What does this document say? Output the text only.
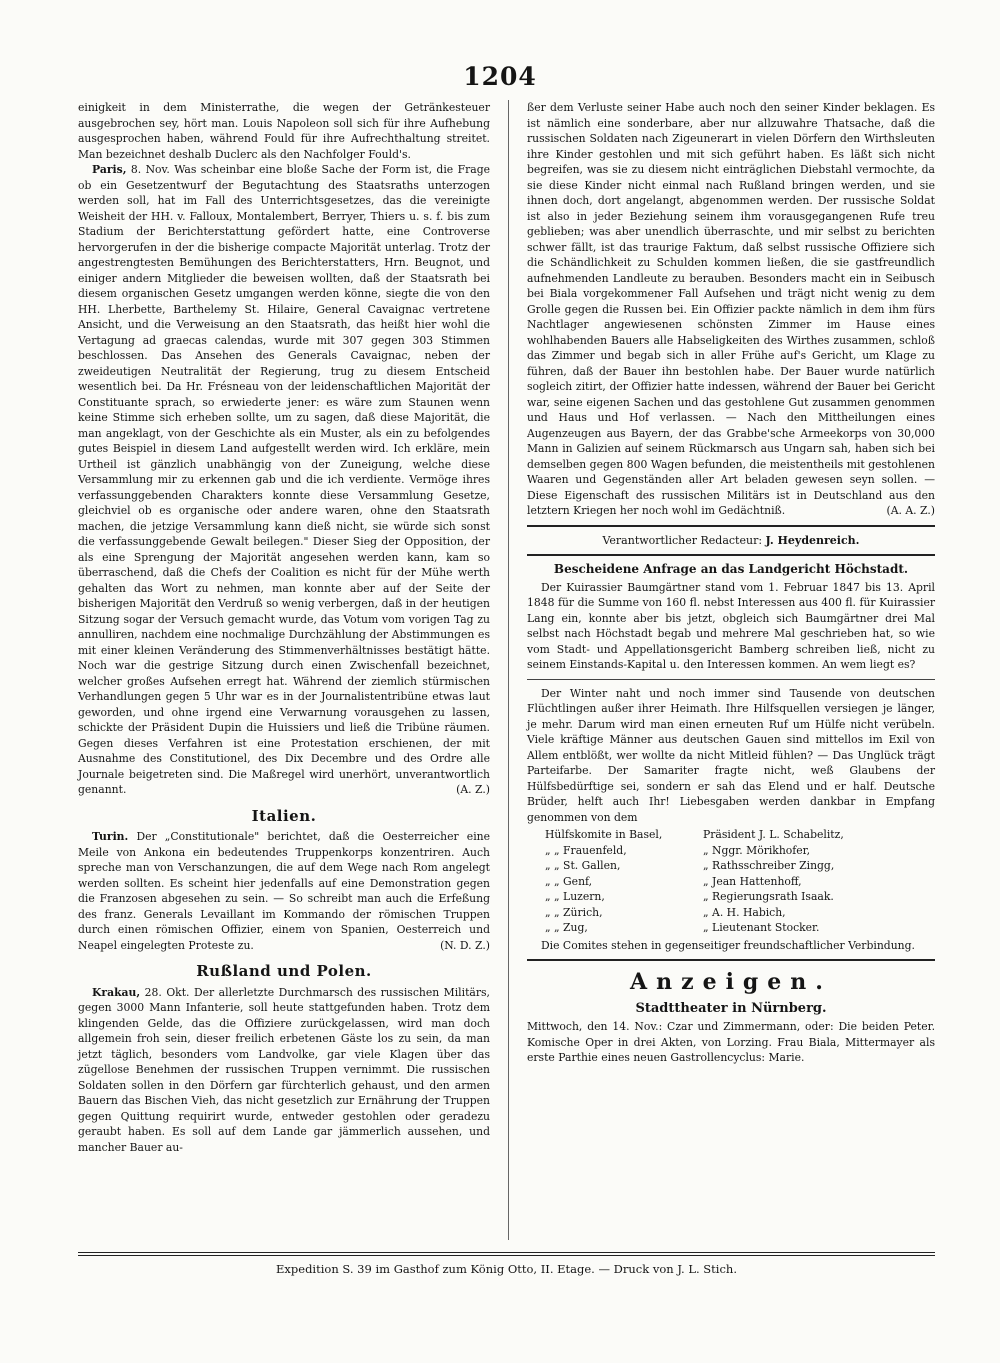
1204

einigkeit in dem Ministerrathe, die wegen der Getränkesteuer ausgebrochen sey, hört man. Louis Napoleon soll sich für ihre Aufhebung ausgesprochen haben, während Fould für ihre Aufrechthaltung streitet. Man bezeichnet deshalb Duclerc als den Nachfolger Fould's.

Paris, 8. Nov. Was scheinbar eine bloße Sache der Form ist, die Frage ob ein Gesetzentwurf der Begutachtung des Staatsraths unterzogen werden soll, hat im Fall des Unterrichtsgesetzes, das die vereinigte Weisheit der HH. v. Falloux, Montalembert, Berryer, Thiers u. s. f. bis zum Stadium der Berichterstattung gefördert hatte, eine Controverse hervorgerufen in der die bisherige compacte Majorität unterlag. Trotz der angestrengtesten Bemühungen des Berichterstatters, Hrn. Beugnot, und einiger andern Mitglieder die beweisen wollten, daß der Staatsrath bei diesem organischen Gesetz umgangen werden könne, siegte die von den HH. Lherbette, Barthelemy St. Hilaire, General Cavaignac vertretene Ansicht, und die Verweisung an den Staatsrath, das heißt hier wohl die Vertagung ad graecas calendas, wurde mit 307 gegen 303 Stimmen beschlossen. Das Ansehen des Generals Cavaignac, neben der zweideutigen Neutralität der Regierung, trug zu diesem Entscheid wesentlich bei. Da Hr. Frésneau von der leidenschaftlichen Majorität der Constituante sprach, so erwiederte jener: es wäre zum Staunen wenn keine Stimme sich erheben sollte, um zu sagen, daß diese Majorität, die man angeklagt, von der Geschichte als ein Muster, als ein zu befolgendes gutes Beispiel in diesem Land aufgestellt werden wird. Ich erkläre, mein Urtheil ist gänzlich unabhängig von der Zuneigung, welche diese Versammlung mir zu erkennen gab und die ich verdiente. Vermöge ihres verfassunggebenden Charakters konnte diese Versammlung Gesetze, gleichviel ob es organische oder andere waren, ohne den Staatsrath machen, die jetzige Versammlung kann dieß nicht, sie würde sich sonst die verfassunggebende Gewalt beilegen." Dieser Sieg der Opposition, der als eine Sprengung der Majorität angesehen werden kann, kam so überraschend, daß die Chefs der Coalition es nicht für der Mühe werth gehalten das Wort zu nehmen, man konnte aber auf der Seite der bisherigen Majorität den Verdruß so wenig verbergen, daß in der heutigen Sitzung sogar der Versuch gemacht wurde, das Votum vom vorigen Tag zu annulliren, nachdem eine nochmalige Durchzählung der Abstimmungen es mit einer kleinen Veränderung des Stimmenverhältnisses bestätigt hätte. Noch war die gestrige Sitzung durch einen Zwischenfall bezeichnet, welcher großes Aufsehen erregt hat. Während der ziemlich stürmischen Verhandlungen gegen 5 Uhr war es in der Journalistentribüne etwas laut geworden, und ohne irgend eine Verwarnung vorausgehen zu lassen, schickte der Präsident Dupin die Huissiers und ließ die Tribüne räumen. Gegen dieses Verfahren ist eine Protestation erschienen, der mit Ausnahme des Constitutionel, des Dix Decembre und des Ordre alle Journale beigetreten sind. Die Maßregel wird unerhört, unverantwortlich genannt.	(A. Z.)

Italien.

Turin. Der „Constitutionale" berichtet, daß die Oesterreicher eine Meile von Ankona ein bedeutendes Truppenkorps konzentriren. Auch spreche man von Verschanzungen, die auf dem Wege nach Rom angelegt werden sollten. Es scheint hier jedenfalls auf eine Demonstration gegen die Franzosen abgesehen zu sein. — So schreibt man auch die Erfeßung des franz. Generals Levaillant im Kommando der römischen Truppen durch einen römischen Offizier, einem von Spanien, Oesterreich und Neapel eingelegten Proteste zu.	(N. D. Z.)

Rußland und Polen.

Krakau, 28. Okt. Der allerletzte Durchmarsch des russischen Militärs, gegen 3000 Mann Infanterie, soll heute stattgefunden haben. Trotz dem klingenden Gelde, das die Offiziere zurückgelassen, wird man doch allgemein froh sein, dieser freilich erbetenen Gäste los zu sein, da man jetzt täglich, besonders vom Landvolke, gar viele Klagen über das zügellose Benehmen der russischen Truppen vernimmt. Die russischen Soldaten sollen in den Dörfern gar fürchterlich gehaust, und den armen Bauern das Bischen Vieh, das nicht gesetzlich zur Ernährung der Truppen gegen Quittung requirirt wurde, entweder gestohlen oder geradezu geraubt haben. Es soll auf dem Lande gar jämmerlich aussehen, und mancher Bauer au-

ßer dem Verluste seiner Habe auch noch den seiner Kinder beklagen. Es ist nämlich eine sonderbare, aber nur allzuwahre Thatsache, daß die russischen Soldaten nach Zigeunerart in vielen Dörfern den Wirthsleuten ihre Kinder gestohlen und mit sich geführt haben. Es läßt sich nicht begreifen, was sie zu diesem nicht einträglichen Diebstahl vermochte, da sie diese Kinder nicht einmal nach Rußland bringen werden, und sie ihnen doch, dort angelangt, abgenommen werden. Der russische Soldat ist also in jeder Beziehung seinem ihm vorausgegangenen Rufe treu geblieben; was aber unendlich überraschte, und mir selbst zu berichten schwer fällt, ist das traurige Faktum, daß selbst russische Offiziere sich die Schändlichkeit zu Schulden kommen ließen, die sie gastfreundlich aufnehmenden Landleute zu berauben. Besonders macht ein in Seibusch bei Biala vorgekommener Fall Aufsehen und trägt nicht wenig zu dem Grolle gegen die Russen bei. Ein Offizier packte nämlich in dem ihm fürs Nachtlager angewiesenen schönsten Zimmer im Hause eines wohlhabenden Bauers alle Habseligkeiten des Wirthes zusammen, schloß das Zimmer und begab sich in aller Frühe auf's Gericht, um Klage zu führen, daß der Bauer ihn bestohlen habe. Der Bauer wurde natürlich sogleich zitirt, der Offizier hatte indessen, während der Bauer bei Gericht war, seine eigenen Sachen und das gestohlene Gut zusammen genommen und Haus und Hof verlassen. — Nach den Mittheilungen eines Augenzeugen aus Bayern, der das Grabbe'sche Armeekorps von 30,000 Mann in Galizien auf seinem Rückmarsch aus Ungarn sah, haben sich bei demselben gegen 800 Wagen befunden, die meistentheils mit gestohlenen Waaren und Gegenständen aller Art beladen gewesen seyn sollen. — Diese Eigenschaft des russischen Militärs ist in Deutschland aus den letztern Kriegen her noch wohl im Gedächtniß.	(A. A. Z.)

Verantwortlicher Redacteur: J. Heydenreich.
Bescheidene Anfrage an das Landgericht Höchstadt.

Der Kuirassier Baumgärtner stand vom 1. Februar 1847 bis 13. April 1848 für die Summe von 160 fl. nebst Interessen aus 400 fl. für Kuirassier Lang ein, konnte aber bis jetzt, obgleich sich Baumgärtner drei Mal selbst nach Höchstadt begab und mehrere Mal geschrieben hat, so wie vom Stadt- und Appellationsgericht Bamberg schreiben ließ, nicht zu seinem Einstands-Kapital u. den Interessen kommen. An wem liegt es?

Der Winter naht und noch immer sind Tausende von deutschen Flüchtlingen außer ihrer Heimath. Ihre Hilfsquellen versiegen je länger, je mehr. Darum wird man einen erneuten Ruf um Hülfe nicht verübeln. Viele kräftige Männer aus deutschen Gauen sind mittellos im Exil von Allem entblößt, wer wollte da nicht Mitleid fühlen? — Das Unglück trägt Parteifarbe. Der Samariter fragte nicht, weß Glaubens der Hülfsbedürftige sei, sondern er sah das Elend und er half. Deutsche Brüder, helft auch Ihr! Liebesgaben werden dankbar in Empfang genommen von dem

Hülfskomite in Basel,	Präsident J. L. Schabelitz,
„ „ Frauenfeld,	„ Nggr. Mörikhofer,
„ „ St. Gallen,	„ Rathsschreiber Zingg,
„ „ Genf,	„ Jean Hattenhoff,
„ „ Luzern,	„ Regierungsrath Isaak.
„ „ Zürich,	„ A. H. Habich,
„ „ Zug,	„ Lieutenant Stocker.

Die Comites stehen in gegenseitiger freundschaftlicher Verbindung.

Anzeigen.
Stadttheater in Nürnberg.

Mittwoch, den 14. Nov.: Czar und Zimmermann, oder: Die beiden Peter. Komische Oper in drei Akten, von Lorzing. Frau Biala, Mittermayer als erste Parthie eines neuen Gastrollencyclus: Marie.

Expedition S. 39 im Gasthof zum König Otto, II. Etage. — Druck von J. L. Stich.
